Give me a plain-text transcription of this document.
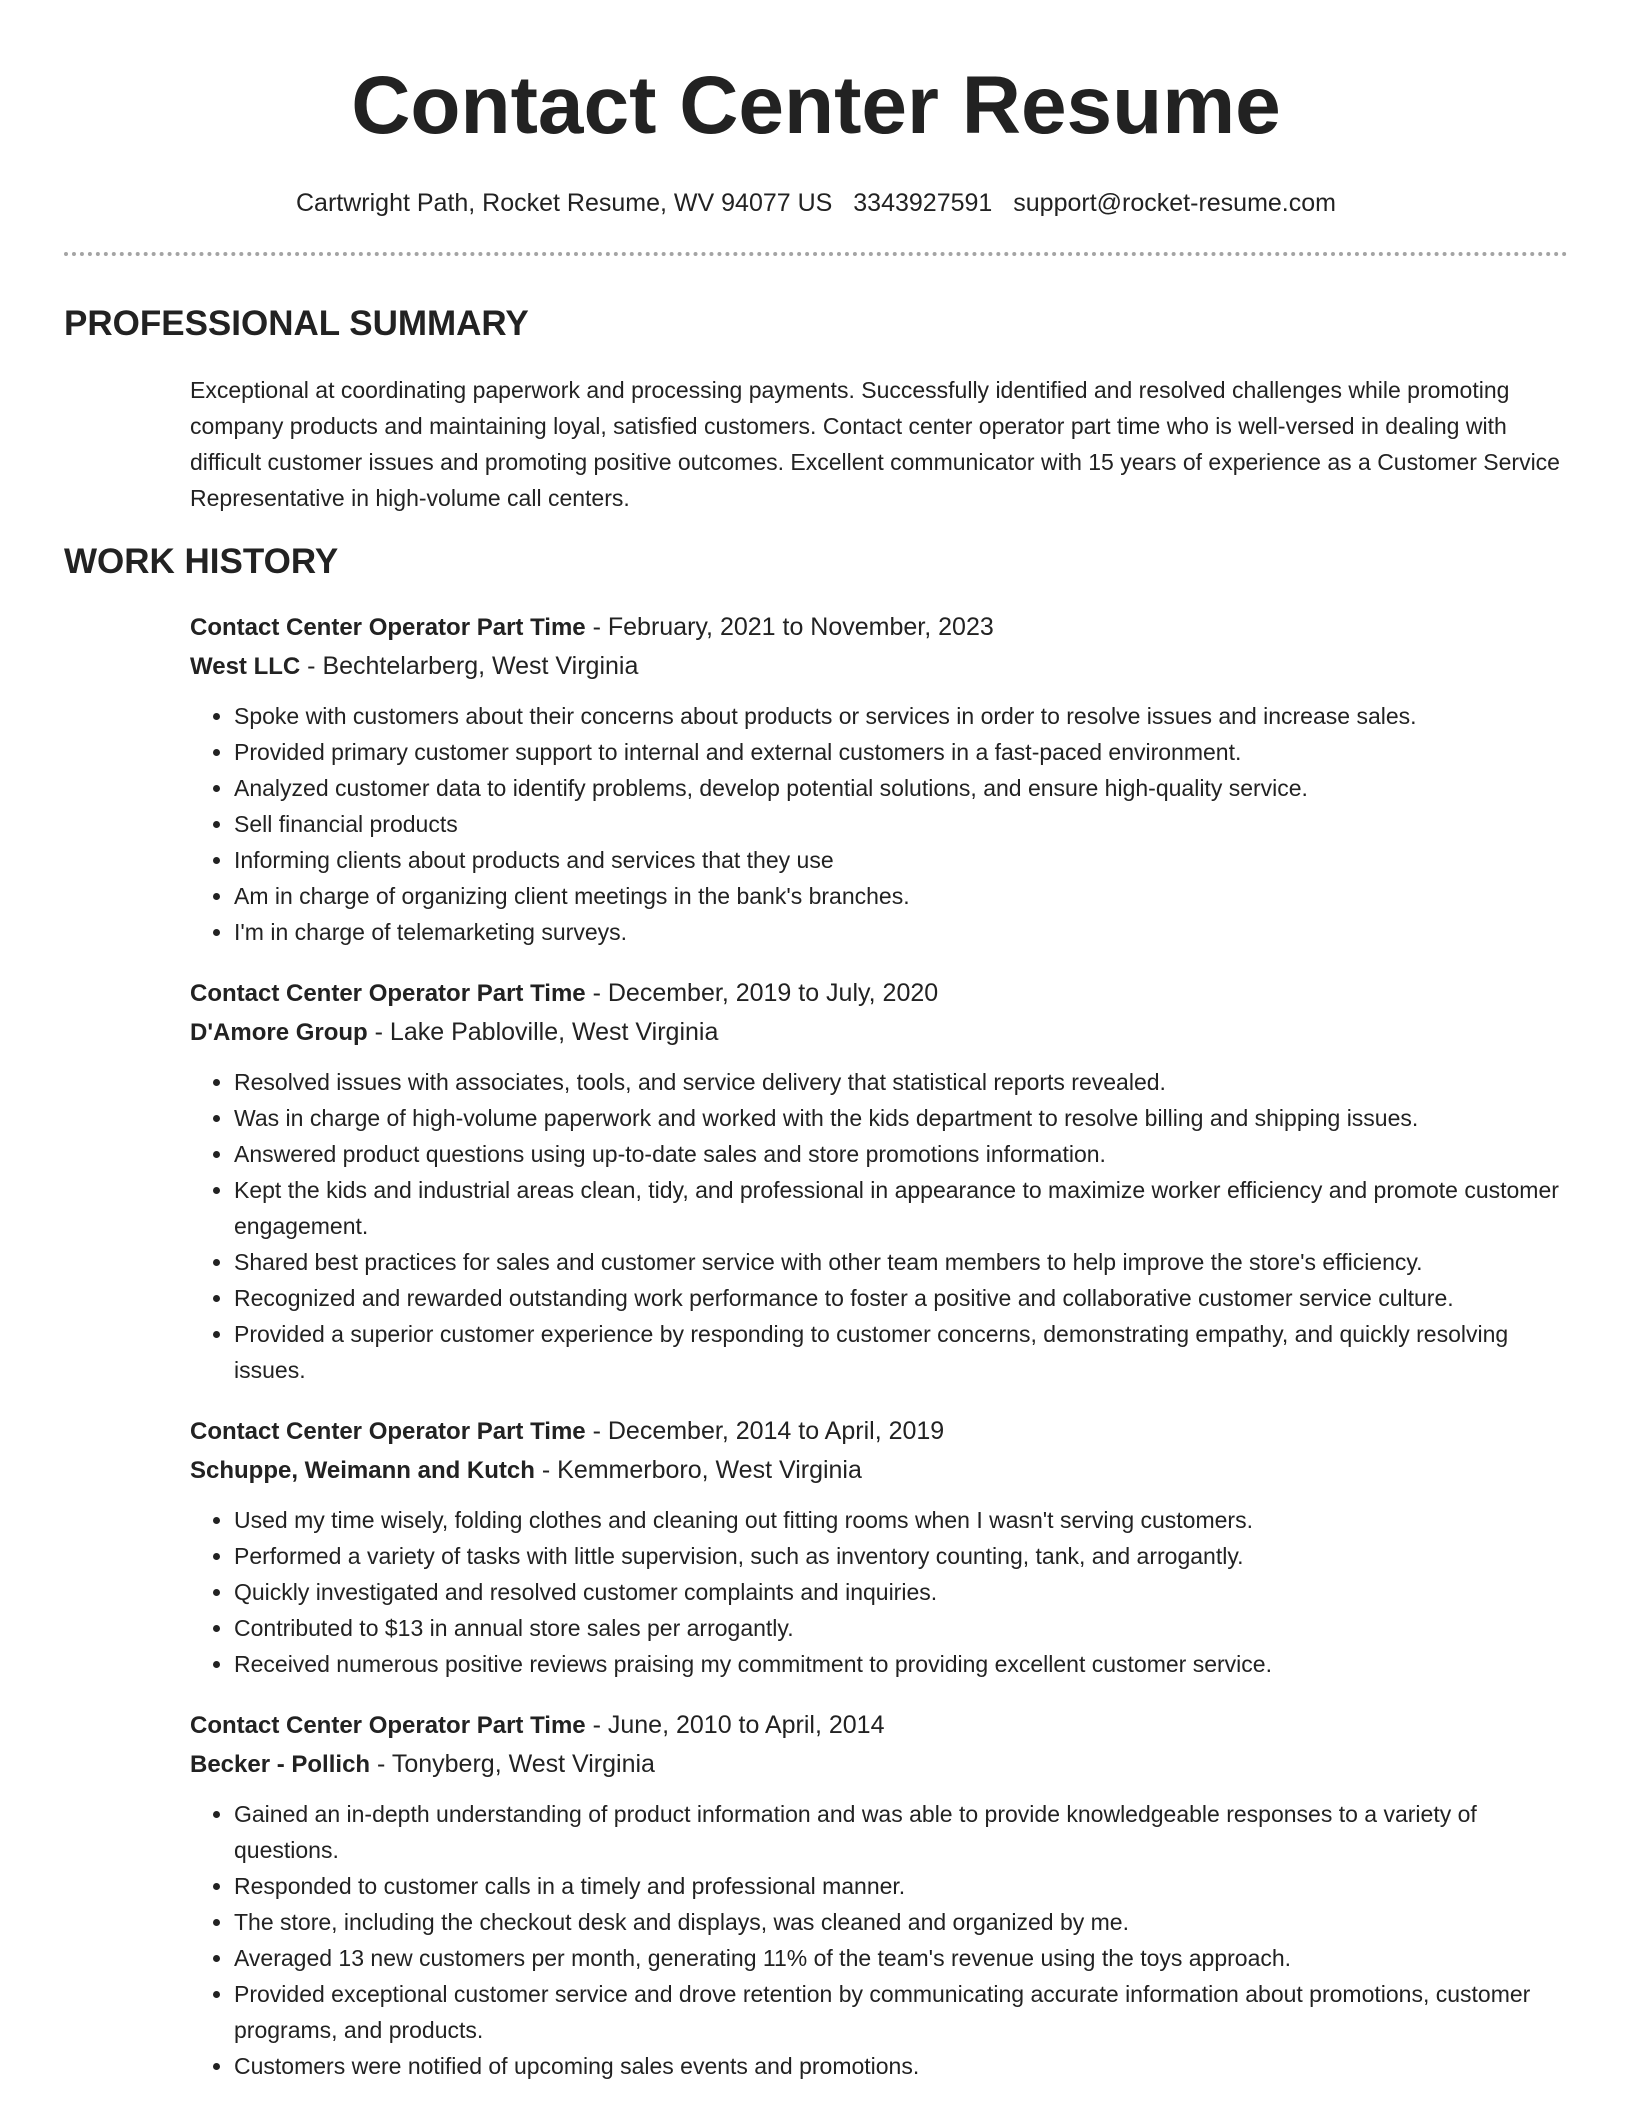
Contact Center Resume
Cartwright Path, Rocket Resume, WV 94077 US 3343927591 support@rocket-resume.com
PROFESSIONAL SUMMARY

Exceptional at coordinating paperwork and processing payments. Successfully identified and resolved challenges while promoting company products and maintaining loyal, satisfied customers. Contact center operator part time who is well-versed in dealing with difficult customer issues and promoting positive outcomes. Excellent communicator with 15 years of experience as a Customer Service Representative in high-volume call centers.

WORK HISTORY
Contact Center Operator Part Time - February, 2021 to November, 2023
West LLC - Bechtelarberg, West Virginia
• Spoke with customers about their concerns about products or services in order to resolve issues and increase sales.
• Provided primary customer support to internal and external customers in a fast-paced environment.
• Analyzed customer data to identify problems, develop potential solutions, and ensure high-quality service.
• Sell financial products
• Informing clients about products and services that they use
• Am in charge of organizing client meetings in the bank's branches.
• I'm in charge of telemarketing surveys.
Contact Center Operator Part Time - December, 2019 to July, 2020
D'Amore Group - Lake Pabloville, West Virginia
• Resolved issues with associates, tools, and service delivery that statistical reports revealed.
• Was in charge of high-volume paperwork and worked with the kids department to resolve billing and shipping issues.
• Answered product questions using up-to-date sales and store promotions information.
• Kept the kids and industrial areas clean, tidy, and professional in appearance to maximize worker efficiency and promote customer engagement.
• Shared best practices for sales and customer service with other team members to help improve the store's efficiency.
• Recognized and rewarded outstanding work performance to foster a positive and collaborative customer service culture.
• Provided a superior customer experience by responding to customer concerns, demonstrating empathy, and quickly resolving issues.
Contact Center Operator Part Time - December, 2014 to April, 2019
Schuppe, Weimann and Kutch - Kemmerboro, West Virginia
• Used my time wisely, folding clothes and cleaning out fitting rooms when I wasn't serving customers.
• Performed a variety of tasks with little supervision, such as inventory counting, tank, and arrogantly.
• Quickly investigated and resolved customer complaints and inquiries.
• Contributed to $13 in annual store sales per arrogantly.
• Received numerous positive reviews praising my commitment to providing excellent customer service.
Contact Center Operator Part Time - June, 2010 to April, 2014
Becker - Pollich - Tonyberg, West Virginia
• Gained an in-depth understanding of product information and was able to provide knowledgeable responses to a variety of questions.
• Responded to customer calls in a timely and professional manner.
• The store, including the checkout desk and displays, was cleaned and organized by me.
• Averaged 13 new customers per month, generating 11% of the team's revenue using the toys approach.
• Provided exceptional customer service and drove retention by communicating accurate information about promotions, customer programs, and products.
• Customers were notified of upcoming sales events and promotions.
